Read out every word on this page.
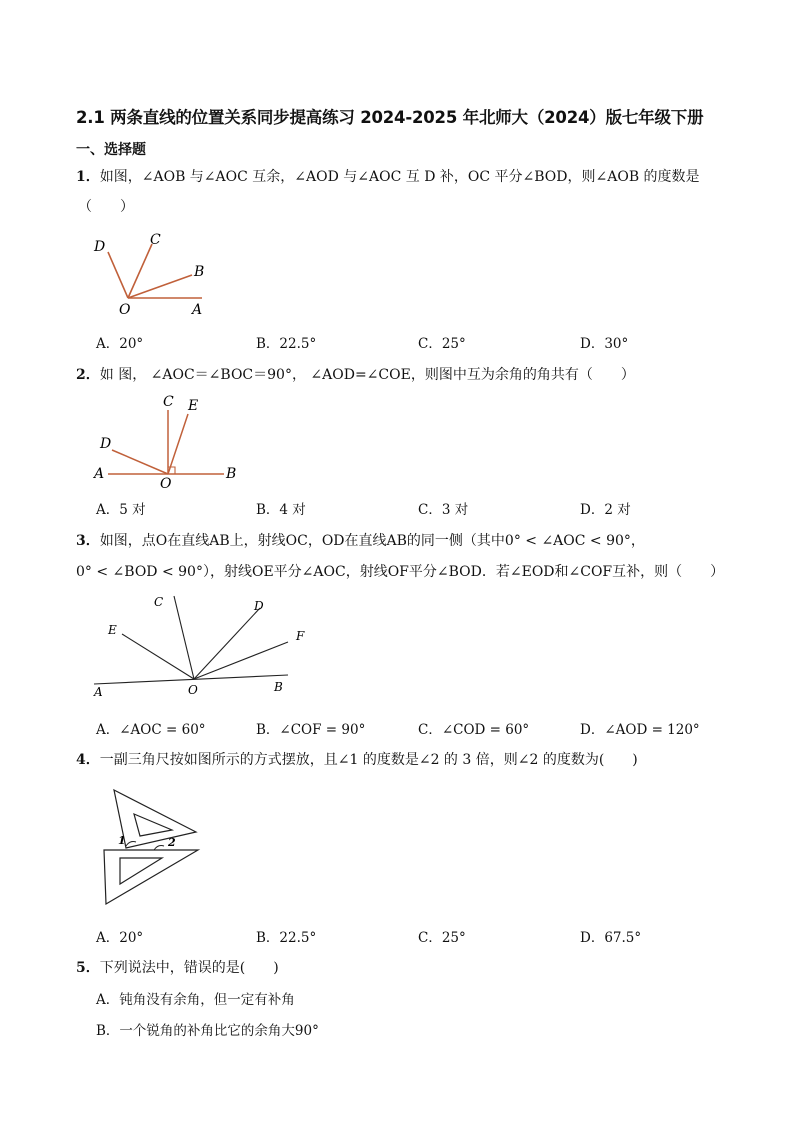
2.1 两条直线的位置关系同步提高练习 2024-2025 年北师大（2024）版七年级下册
一、选择题
1．如图，∠AOB 与∠AOC 互余，∠AOD 与∠AOC 互 D 补，OC 平分∠BOD，则∠AOB 的度数是
（　　）
D	C
B
O	A
A．20°	B．22.5°	C．25°	D．30°
2．如 图， ∠AOC＝∠BOC＝90°， ∠AOD=∠COE，则图中互为余角的角共有（　　）
C E
D
A
O
B
A．5 对	B．4 对	C．3 对	D．2 对
3．如图，点O在直线AB上，射线OC，OD在直线AB的同一侧（其中0° < ∠AOC < 90°，
0° < ∠BOD < 90°），射线OE平分∠AOC，射线OF平分∠BOD．若∠EOD和∠COF互补，则（　　）
C	D
E	F
A	O	B
A．∠AOC = 60°	B．∠COF = 90°	C．∠COD = 60°	D．∠AOD = 120°
4．一副三角尺按如图所示的方式摆放，且∠1 的度数是∠2 的 3 倍，则∠2 的度数为(　　)
1	2
A．20°	B．22.5°	C．25°	D．67.5°
5．下列说法中，错误的是(　　)
A．钝角没有余角，但一定有补角
B．一个锐角的补角比它的余角大90°
